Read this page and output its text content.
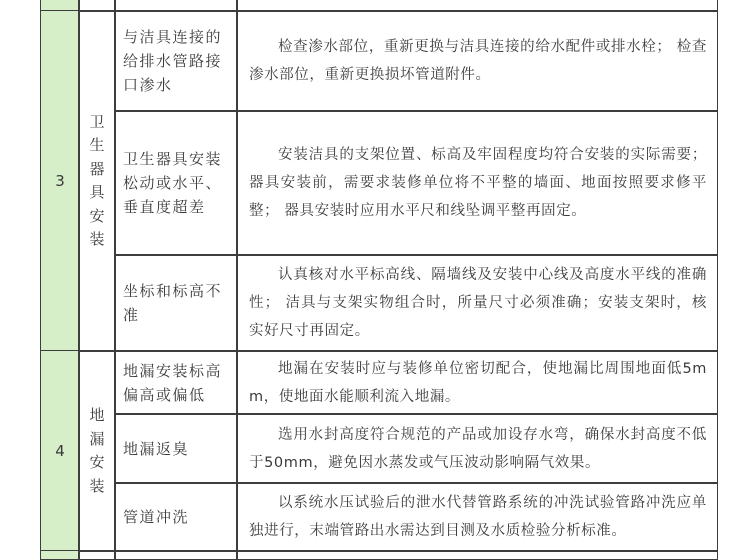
3
卫生器具安装
与洁具连接的给排水管路接口渗水
检查渗水部位，重新更换与洁具连接的给水配件或排水栓； 检查渗水部位，重新更换损坏管道附件。
卫生器具安装松动或水平、垂直度超差
安装洁具的支架位置、标高及牢固程度均符合安装的实际需要； 器具安装前，需要求装修单位将不平整的墙面、地面按照要求修平整； 器具安装时应用水平尺和线坠调平整再固定。
坐标和标高不准
认真核对水平标高线、隔墙线及安装中心线及高度水平线的准确性； 洁具与支架实物组合时，所量尺寸必须准确；安装支架时，核实好尺寸再固定。
4
地漏安装
地漏安装标高偏高或偏低
地漏在安装时应与装修单位密切配合，使地漏比周围地面低5mm，使地面水能顺利流入地漏。
地漏返臭
选用水封高度符合规范的产品或加设存水弯，确保水封高度不低于50mm，避免因水蒸发或气压波动影响隔气效果。
管道冲洗
以系统水压试验后的泄水代替管路系统的冲洗试验管路冲洗应单独进行，末端管路出水需达到目测及水质检验分析标准。
